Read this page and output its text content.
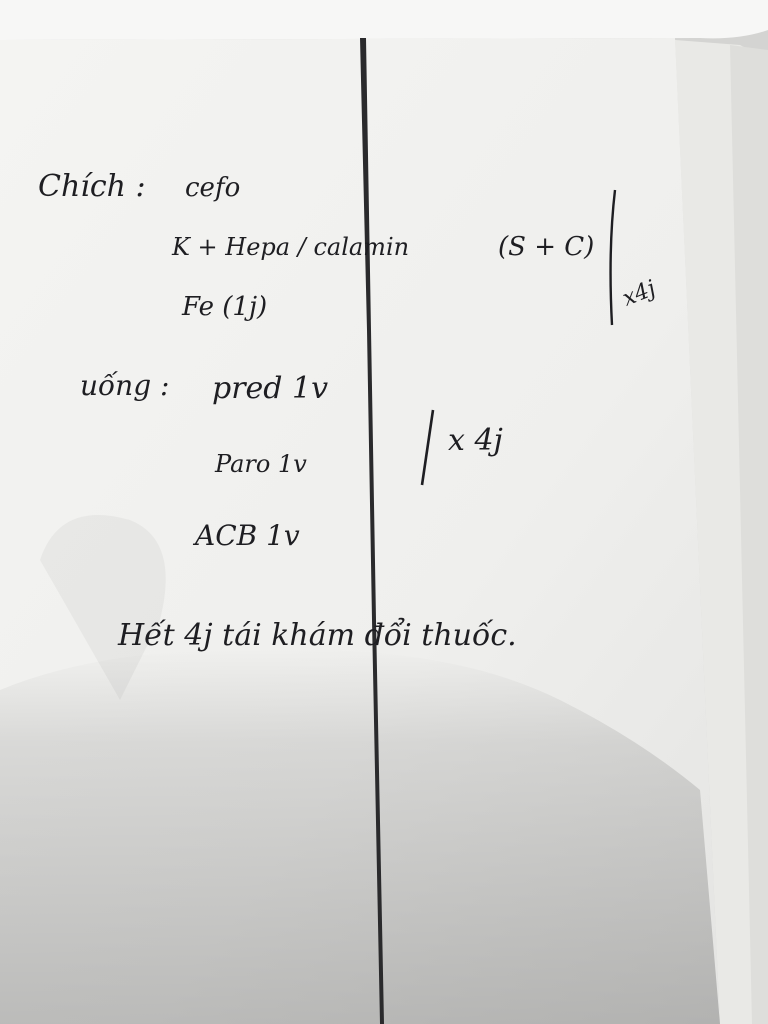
Chích : cefo
K + Hepa / calamin	(S + C)
Fe (1j)	x4j
uống : pred 1v
Paro 1v
ACB 1v
x 4j
Hết 4j tái khám đổi thuốc.
